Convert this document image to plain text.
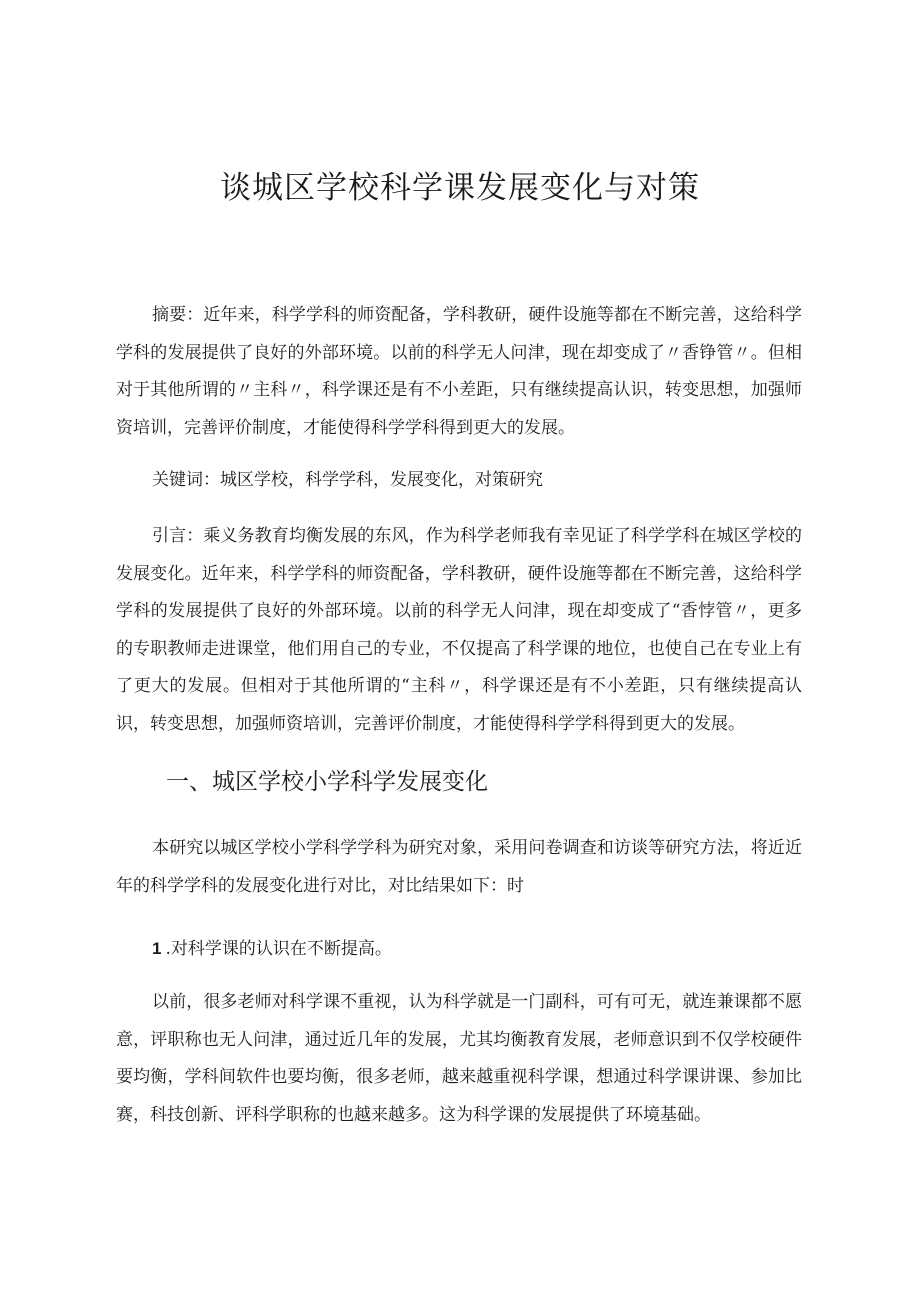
谈城区学校科学课发展变化与对策

摘要：近年来，科学学科的师资配备，学科教研，硬件设施等都在不断完善，这给科学学科的发展提供了良好的外部环境。以前的科学无人问津，现在却变成了〃香铮管〃。但相对于其他所谓的〃主科〃，科学课还是有不小差距，只有继续提高认识，转变思想，加强师资培训，完善评价制度，才能使得科学学科得到更大的发展。

关键词：城区学校，科学学科，发展变化，对策研究

引言：乘义务教育均衡发展的东风，作为科学老师我有幸见证了科学学科在城区学校的发展变化。近年来，科学学科的师资配备，学科教研，硬件设施等都在不断完善，这给科学学科的发展提供了良好的外部环境。以前的科学无人问津，现在却变成了“香悖管〃，更多的专职教师走进课堂，他们用自己的专业，不仅提高了科学课的地位，也使自己在专业上有了更大的发展。但相对于其他所谓的“主科〃，科学课还是有不小差距，只有继续提高认识，转变思想，加强师资培训，完善评价制度，才能使得科学学科得到更大的发展。

一、城区学校小学科学发展变化

本研究以城区学校小学科学学科为研究对象，采用问卷调查和访谈等研究方法，将近近年的科学学科的发展变化进行对比，对比结果如下：时

1 .对科学课的认识在不断提高。

以前，很多老师对科学课不重视，认为科学就是一门副科，可有可无，就连兼课都不愿意，评职称也无人问津，通过近几年的发展，尤其均衡教育发展，老师意识到不仅学校硬件要均衡，学科间软件也要均衡，很多老师，越来越重视科学课，想通过科学课讲课、参加比赛，科技创新、评科学职称的也越来越多。这为科学课的发展提供了环境基础。
